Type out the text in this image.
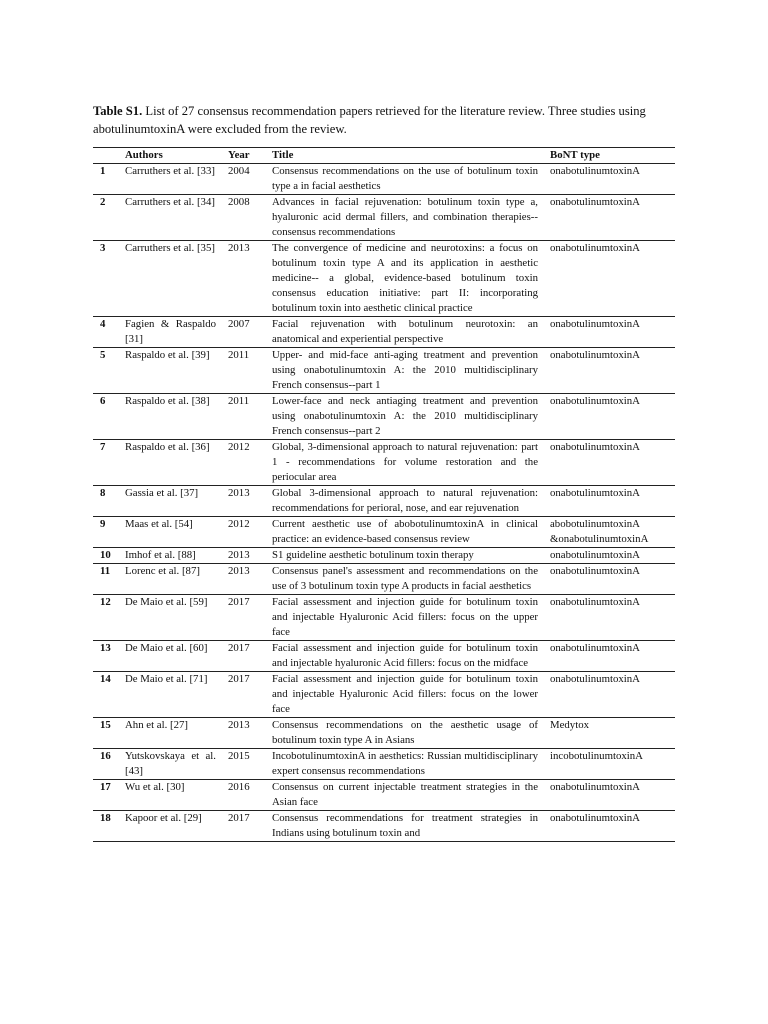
Table S1. List of 27 consensus recommendation papers retrieved for the literature review. Three studies using abotulinumtoxinA were excluded from the review.
	Authors	Year	Title	BoNT type
1	Carruthers et al. [33]	2004	Consensus recommendations on the use of botulinum toxin type a in facial aesthetics	onabotulinumtoxinA
2	Carruthers et al. [34]	2008	Advances in facial rejuvenation: botulinum toxin type a, hyaluronic acid dermal fillers, and combination therapies-- consensus recommendations	onabotulinumtoxinA
3	Carruthers et al. [35]	2013	The convergence of medicine and neurotoxins: a focus on botulinum toxin type A and its application in aesthetic medicine-- a global, evidence-based botulinum toxin consensus education initiative: part II: incorporating botulinum toxin into aesthetic clinical practice	onabotulinumtoxinA
4	Fagien & Raspaldo [31]	2007	Facial rejuvenation with botulinum neurotoxin: an anatomical and experiential perspective	onabotulinumtoxinA
5	Raspaldo et al. [39]	2011	Upper- and mid-face anti-aging treatment and prevention using onabotulinumtoxin A: the 2010 multidisciplinary French consensus--part 1	onabotulinumtoxinA
6	Raspaldo et al. [38]	2011	Lower-face and neck antiaging treatment and prevention using onabotulinumtoxin A: the 2010 multidisciplinary French consensus--part 2	onabotulinumtoxinA
7	Raspaldo et al. [36]	2012	Global, 3-dimensional approach to natural rejuvenation: part 1 - recommendations for volume restoration and the periocular area	onabotulinumtoxinA
8	Gassia et al. [37]	2013	Global 3-dimensional approach to natural rejuvenation: recommendations for perioral, nose, and ear rejuvenation	onabotulinumtoxinA
9	Maas et al. [54]	2012	Current aesthetic use of abobotulinumtoxinA in clinical practice: an evidence-based consensus review	abobotulinumtoxinA &onabotulinumtoxinA
10	Imhof et al. [88]	2013	S1 guideline aesthetic botulinum toxin therapy	onabotulinumtoxinA
11	Lorenc et al. [87]	2013	Consensus panel's assessment and recommendations on the use of 3 botulinum toxin type A products in facial aesthetics	onabotulinumtoxinA
12	De Maio et al. [59]	2017	Facial assessment and injection guide for botulinum toxin and injectable Hyaluronic Acid fillers: focus on the upper face	onabotulinumtoxinA
13	De Maio et al. [60]	2017	Facial assessment and injection guide for botulinum toxin and injectable hyaluronic Acid fillers: focus on the midface	onabotulinumtoxinA
14	De Maio et al. [71]	2017	Facial assessment and injection guide for botulinum toxin and injectable Hyaluronic Acid fillers: focus on the lower face	onabotulinumtoxinA
15	Ahn et al. [27]	2013	Consensus recommendations on the aesthetic usage of botulinum toxin type A in Asians	Medytox
16	Yutskovskaya et al. [43]	2015	IncobotulinumtoxinA in aesthetics: Russian multidisciplinary expert consensus recommendations	incobotulinumtoxinA
17	Wu et al. [30]	2016	Consensus on current injectable treatment strategies in the Asian face	onabotulinumtoxinA
18	Kapoor et al. [29]	2017	Consensus recommendations for treatment strategies in Indians using botulinum toxin and	onabotulinumtoxinA
